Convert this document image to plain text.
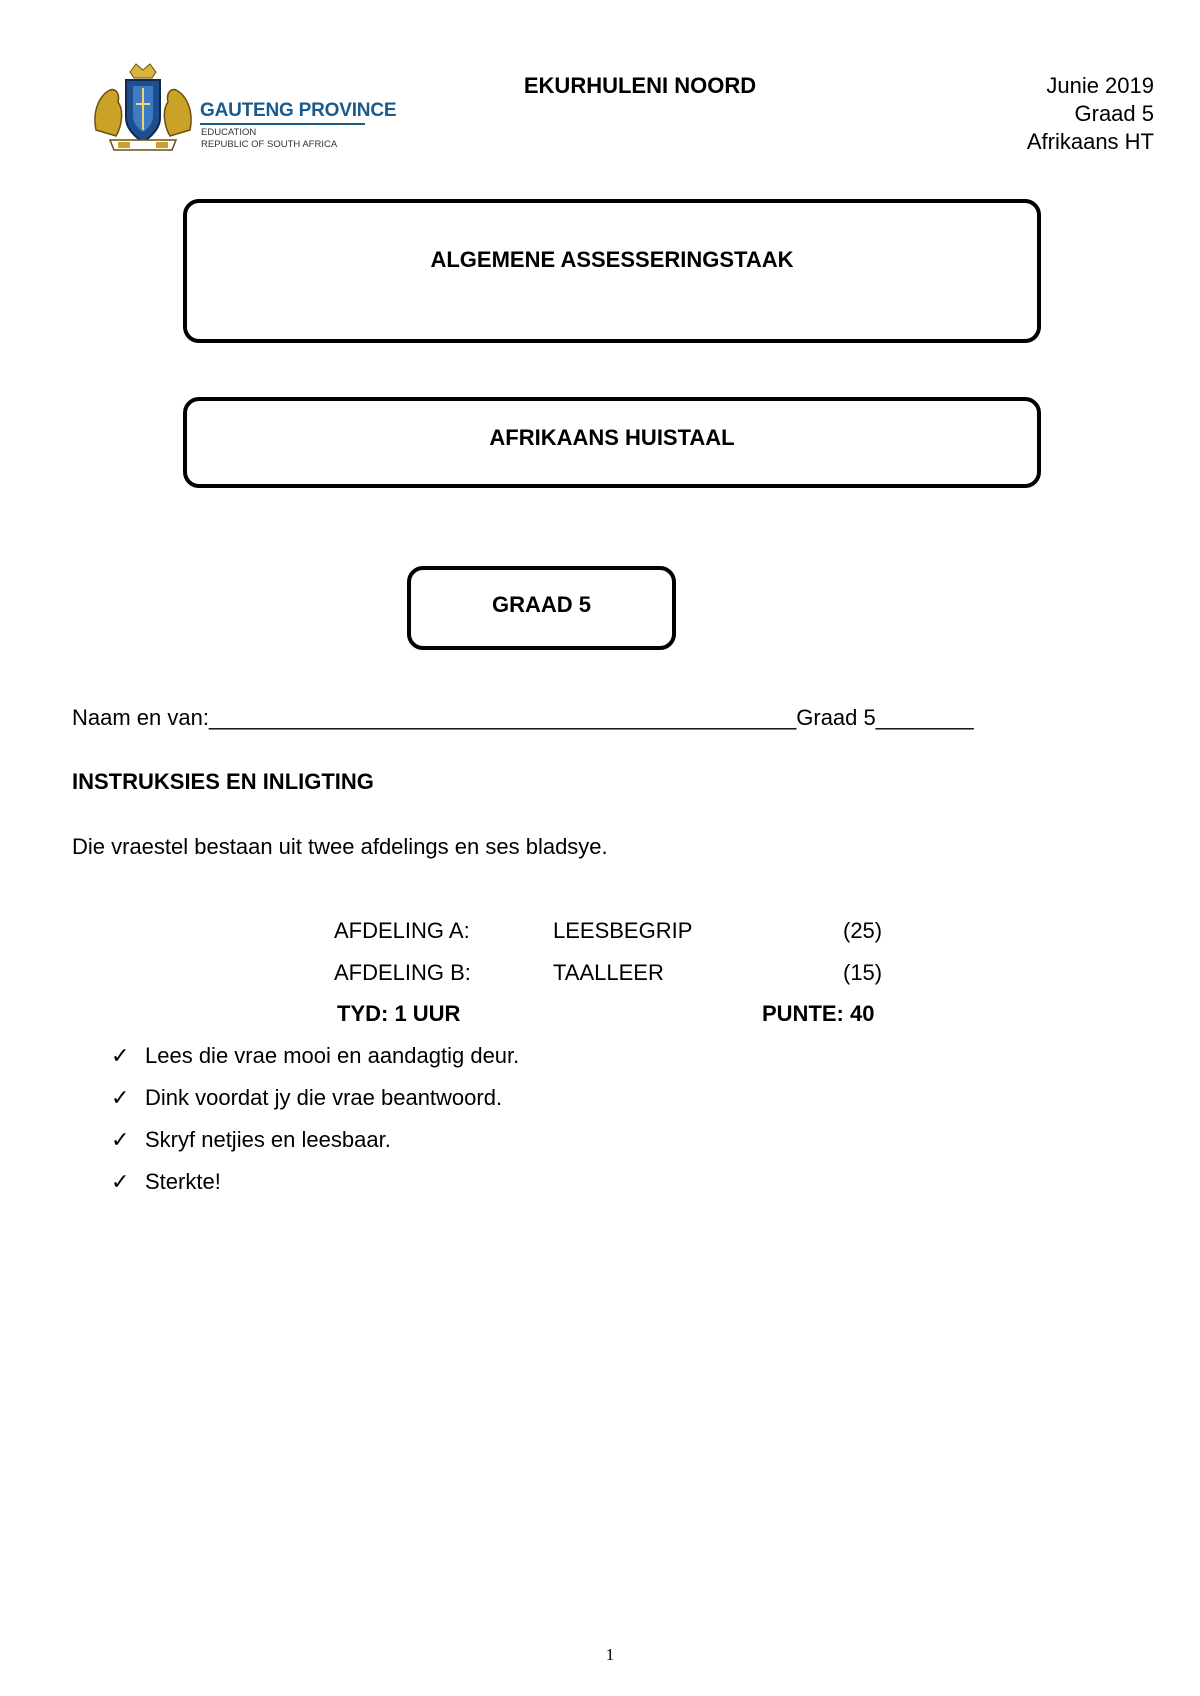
GAUTENG PROVINCE
EDUCATION
REPUBLIC OF SOUTH AFRICA
EKURHULENI NOORD	Junie 2019
Graad 5
Afrikaans HT
ALGEMENE ASSESSERINGSTAAK
AFRIKAANS HUISTAAL
GRAAD 5
Naam en van:________________________________________________Graad 5________
INSTRUKSIES EN INLIGTING
Die vraestel bestaan uit twee afdelings en ses bladsye.
AFDELING A:	LEESBEGRIP	(25)
AFDELING B:	TAALLEER	(15)
TYD: 1 UUR	PUNTE: 40
✓ Lees die vrae mooi en aandagtig deur.
✓ Dink voordat jy die vrae beantwoord.
✓ Skryf netjies en leesbaar.
✓ Sterkte!
1
